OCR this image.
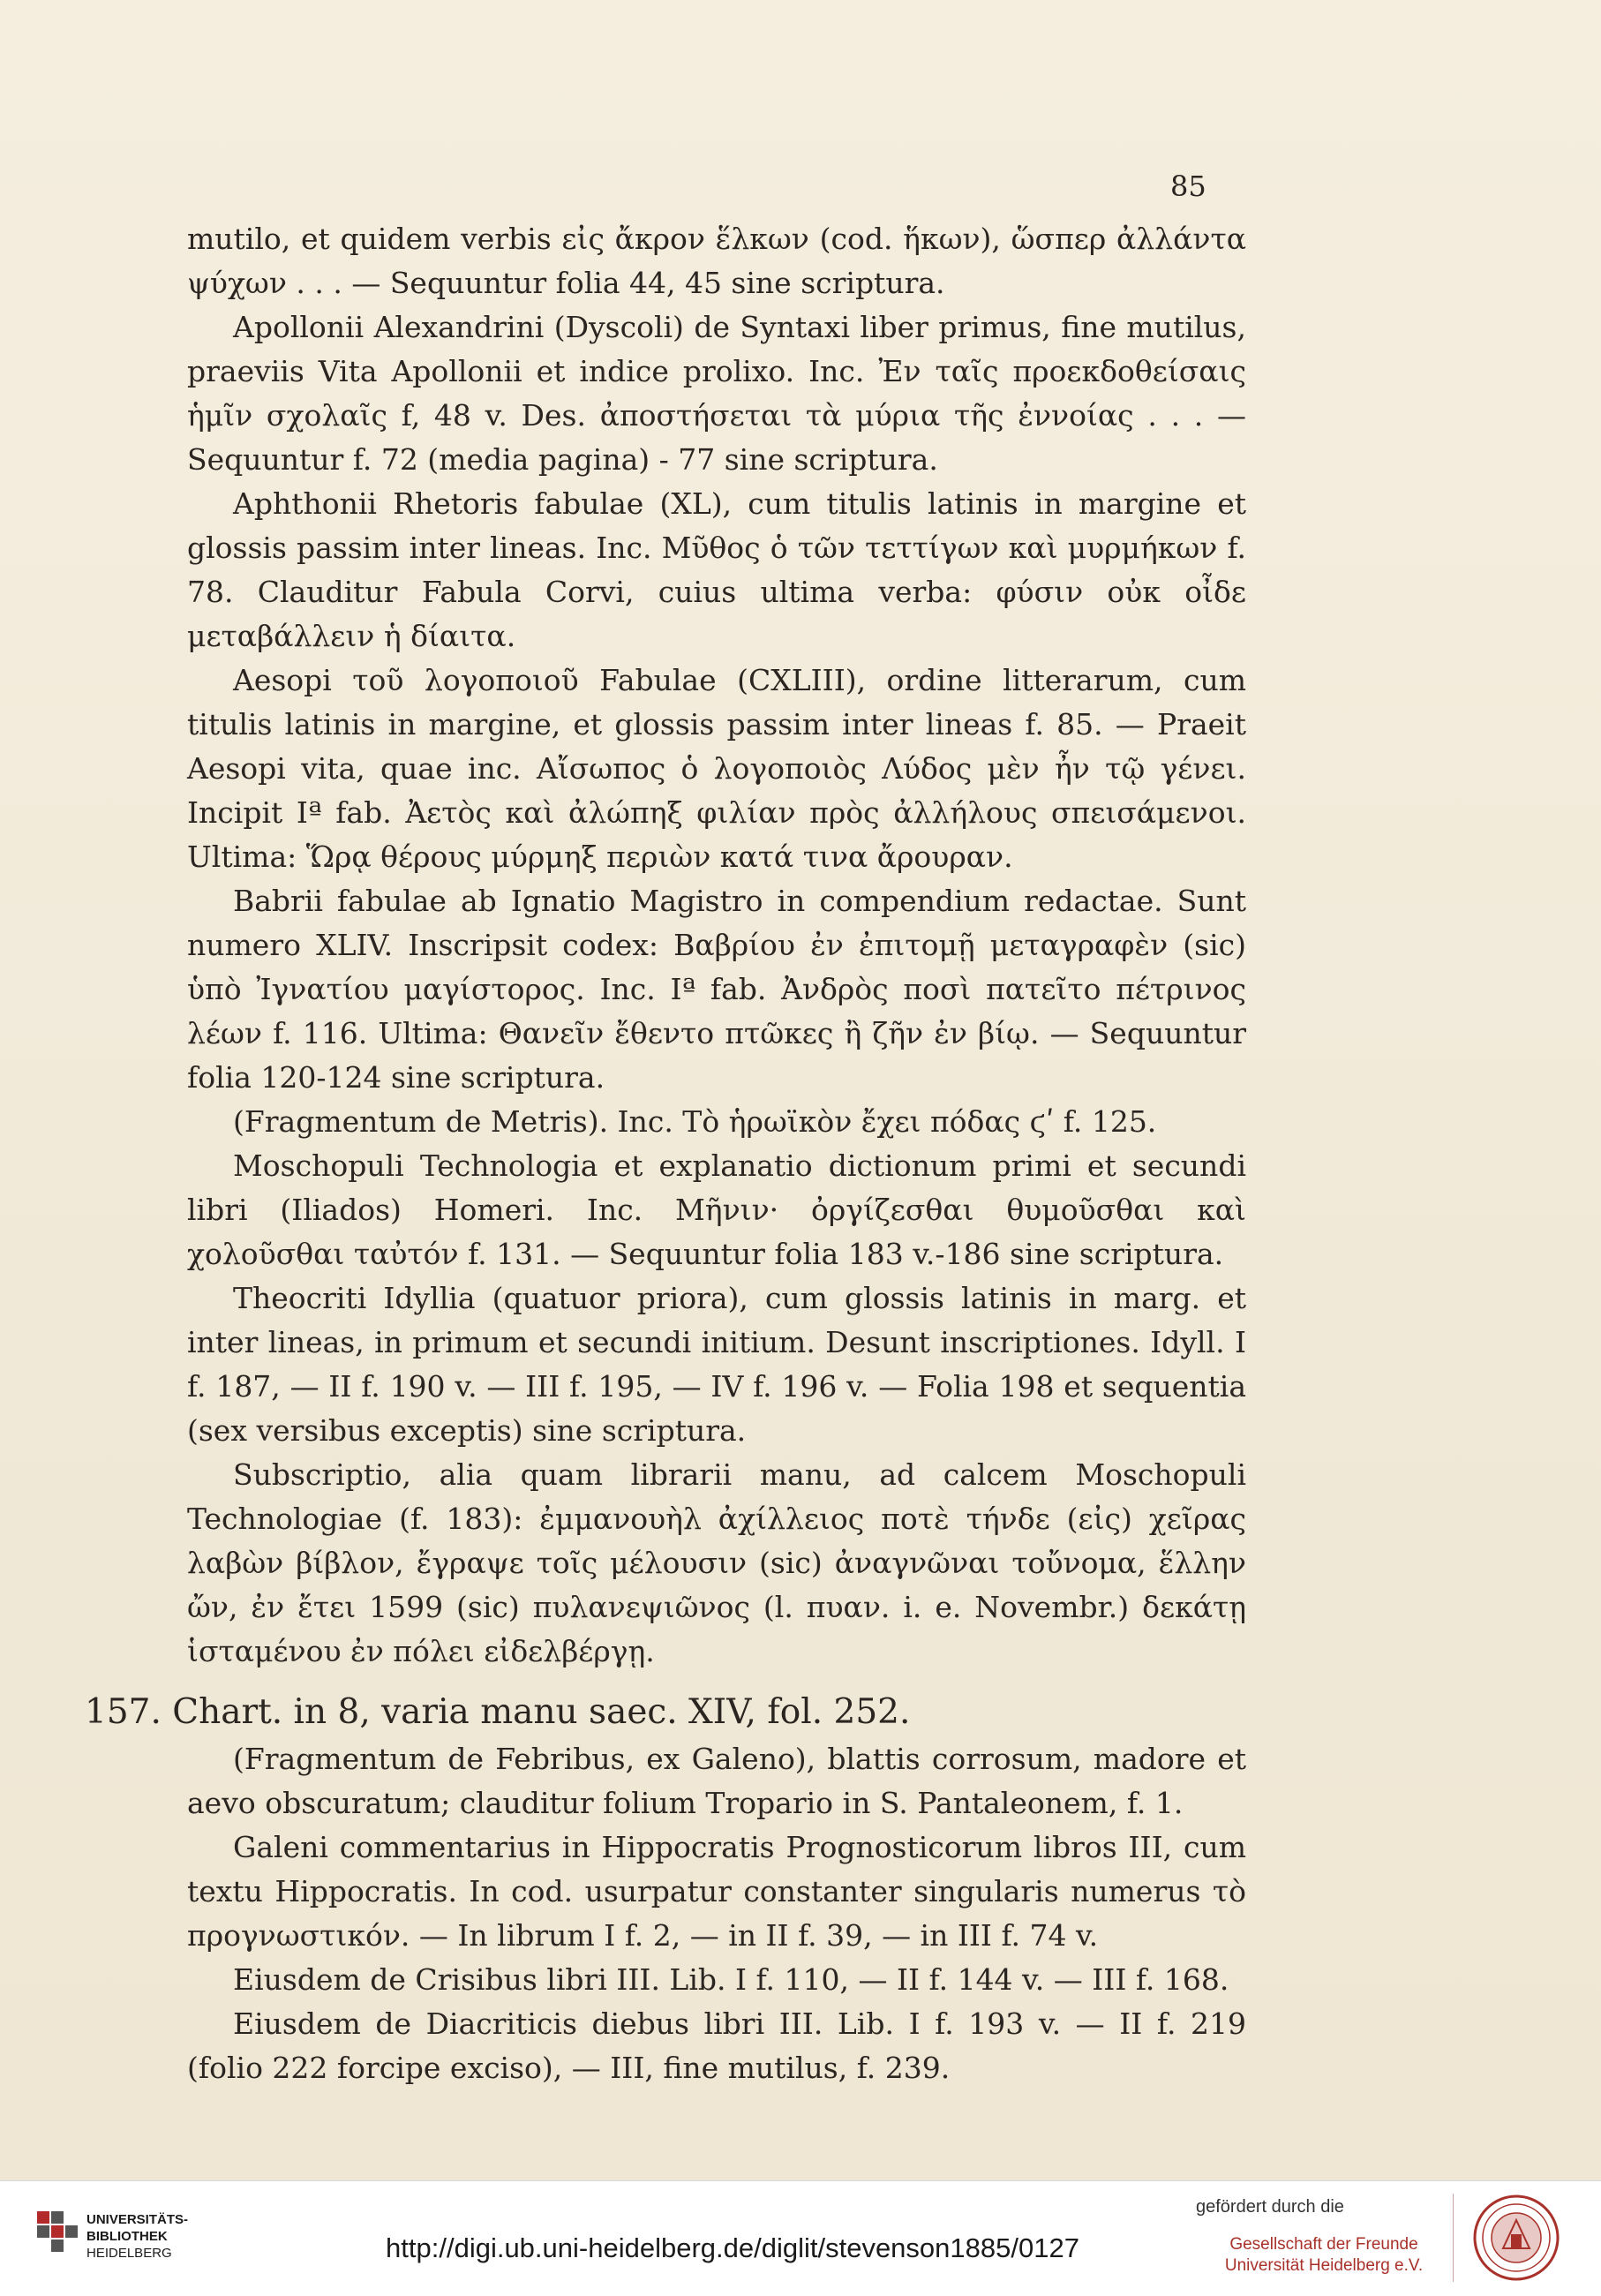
85

mutilo, et quidem verbis εἰς ἄκρον ἕλκων (cod. ἥκων), ὥσπερ ἀλλάντα ψύχων . . . — Sequuntur folia 44, 45 sine scriptura.

Apollonii Alexandrini (Dyscoli) de Syntaxi liber primus, fine mutilus, praeviis Vita Apollonii et indice prolixo. Inc. Ἐν ταῖς προεκδοθείσαις ἡμῖν σχολαῖς f, 48 v. Des. ἀποστήσεται τὰ μύρια τῆς ἐννοίας . . . — Sequuntur f. 72 (media pagina) - 77 sine scriptura.

Aphthonii Rhetoris fabulae (XL), cum titulis latinis in margine et glossis passim inter lineas. Inc. Μῦθος ὁ τῶν τεττίγων καὶ μυρμήκων f. 78. Clauditur Fabula Corvi, cuius ultima verba: φύσιν οὐκ οἶδε μεταβάλλειν ἡ δίαιτα.

Aesopi τοῦ λογοποιοῦ Fabulae (CXLIII), ordine litterarum, cum titulis latinis in margine, et glossis passim inter lineas f. 85. — Praeit Aesopi vita, quae inc. Αἴσωπος ὁ λογοποιὸς Λύδος μὲν ἦν τῷ γένει. Incipit Iª fab. Ἀετὸς καὶ ἀλώπηξ φιλίαν πρὸς ἀλλήλους σπεισάμενοι. Ultima: Ὥρᾳ θέρους μύρμηξ περιὼν κατά τινα ἄρουραν.

Babrii fabulae ab Ignatio Magistro in compendium redactae. Sunt numero XLIV. Inscripsit codex: Βαβρίου ἐν ἐπιτομῇ μεταγραφὲν (sic) ὑπὸ Ἰγνατίου μαγίστορος. Inc. Iª fab. Ἀνδρὸς ποσὶ πατεῖτο πέτρινος λέων f. 116. Ultima: Θανεῖν ἔθεντο πτῶκες ἢ ζῆν ἐν βίῳ. — Sequuntur folia 120-124 sine scriptura.

(Fragmentum de Metris). Inc. Τὸ ἡρωϊκὸν ἔχει πόδας ϛʹ f. 125.

Moschopuli Technologia et explanatio dictionum primi et secundi libri (Iliados) Homeri. Inc. Μῆνιν· ὀργίζεσθαι θυμοῦσθαι καὶ χολοῦσθαι ταὐτόν f. 131. — Sequuntur folia 183 v.-186 sine scriptura.

Theocriti Idyllia (quatuor priora), cum glossis latinis in marg. et inter lineas, in primum et secundi initium. Desunt inscriptiones. Idyll. I f. 187, — II f. 190 v. — III f. 195, — IV f. 196 v. — Folia 198 et sequentia (sex versibus exceptis) sine scriptura.

Subscriptio, alia quam librarii manu, ad calcem Moschopuli Technologiae (f. 183): ἐμμανουὴλ ἀχίλλειος ποτὲ τήνδε (εἰς) χεῖρας λαβὼν βίβλον, ἔγραψε τοῖς μέλουσιν (sic) ἀναγνῶναι τοὔνομα, ἕλλην ὤν, ἐν ἔτει 1599 (sic) πυλανεψιῶνος (l. πυαν. i. e. Novembr.) δεκάτῃ ἱσταμένου ἐν πόλει εἰδελβέργῃ.

157. Chart. in 8, varia manu saec. XIV, fol. 252.

(Fragmentum de Febribus, ex Galeno), blattis corrosum, madore et aevo obscuratum; clauditur folium Tropario in S. Pantaleonem, f. 1.

Galeni commentarius in Hippocratis Prognosticorum libros III, cum textu Hippocratis. In cod. usurpatur constanter singularis numerus τὸ προγνωστικόν. — In librum I f. 2, — in II f. 39, — in III f. 74 v.

Eiusdem de Crisibus libri III. Lib. I f. 110, — II f. 144 v. — III f. 168.

Eiusdem de Diacriticis diebus libri III. Lib. I f. 193 v. — II f. 219 (folio 222 forcipe exciso), — III, fine mutilus, f. 239.

UNIVERSITÄTS-
BIBLIOTHEK
HEIDELBERG	http://digi.ub.uni-heidelberg.de/diglit/stevenson1885/0127
gefördert durch die
Gesellschaft der Freunde
Universität Heidelberg e.V.
